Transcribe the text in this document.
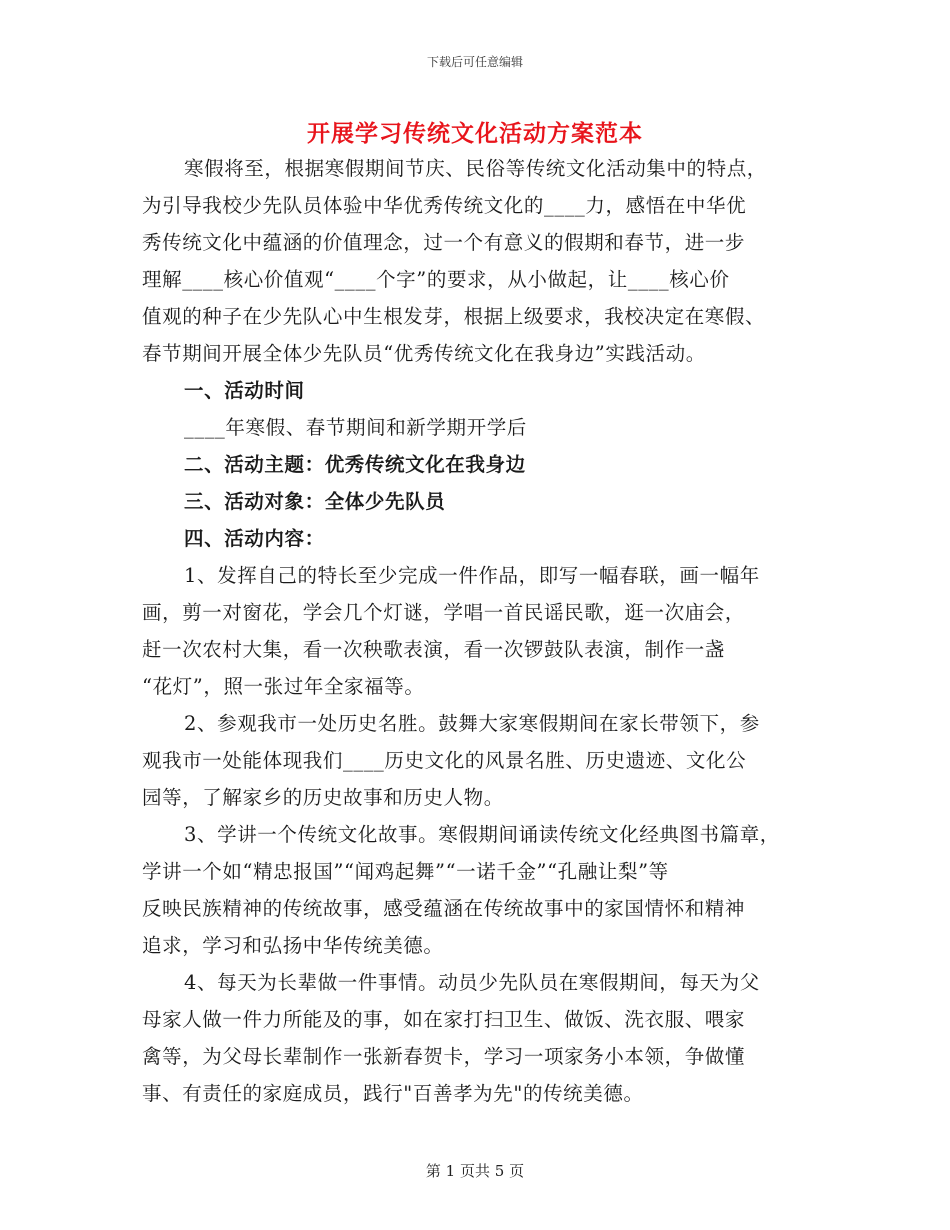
下载后可任意编辑
开展学习传统文化活动方案范本
寒假将至，根据寒假期间节庆、民俗等传统文化活动集中的特点，
为引导我校少先队员体验中华优秀传统文化的____力，感悟在中华优
秀传统文化中蕴涵的价值理念，过一个有意义的假期和春节，进一步
理解____核心价值观“____个字”的要求，从小做起，让____核心价
值观的种子在少先队心中生根发芽，根据上级要求，我校决定在寒假、
春节期间开展全体少先队员“优秀传统文化在我身边”实践活动。
一、活动时间
____年寒假、春节期间和新学期开学后
二、活动主题：优秀传统文化在我身边
三、活动对象：全体少先队员
四、活动内容：
1、发挥自己的特长至少完成一件作品，即写一幅春联，画一幅年
画，剪一对窗花，学会几个灯谜，学唱一首民谣民歌，逛一次庙会，
赶一次农村大集，看一次秧歌表演，看一次锣鼓队表演，制作一盏
“花灯”，照一张过年全家福等。
2、参观我市一处历史名胜。鼓舞大家寒假期间在家长带领下，参
观我市一处能体现我们____历史文化的风景名胜、历史遗迹、文化公
园等，了解家乡的历史故事和历史人物。
3、学讲一个传统文化故事。寒假期间诵读传统文化经典图书篇章，
学讲一个如“精忠报国”“闻鸡起舞”“一诺千金”“孔融让梨”等
反映民族精神的传统故事，感受蕴涵在传统故事中的家国情怀和精神
追求，学习和弘扬中华传统美德。
4、每天为长辈做一件事情。动员少先队员在寒假期间，每天为父
母家人做一件力所能及的事，如在家打扫卫生、做饭、洗衣服、喂家
禽等，为父母长辈制作一张新春贺卡，学习一项家务小本领，争做懂
事、有责任的家庭成员，践行"百善孝为先"的传统美德。
第 1 页共 5 页
